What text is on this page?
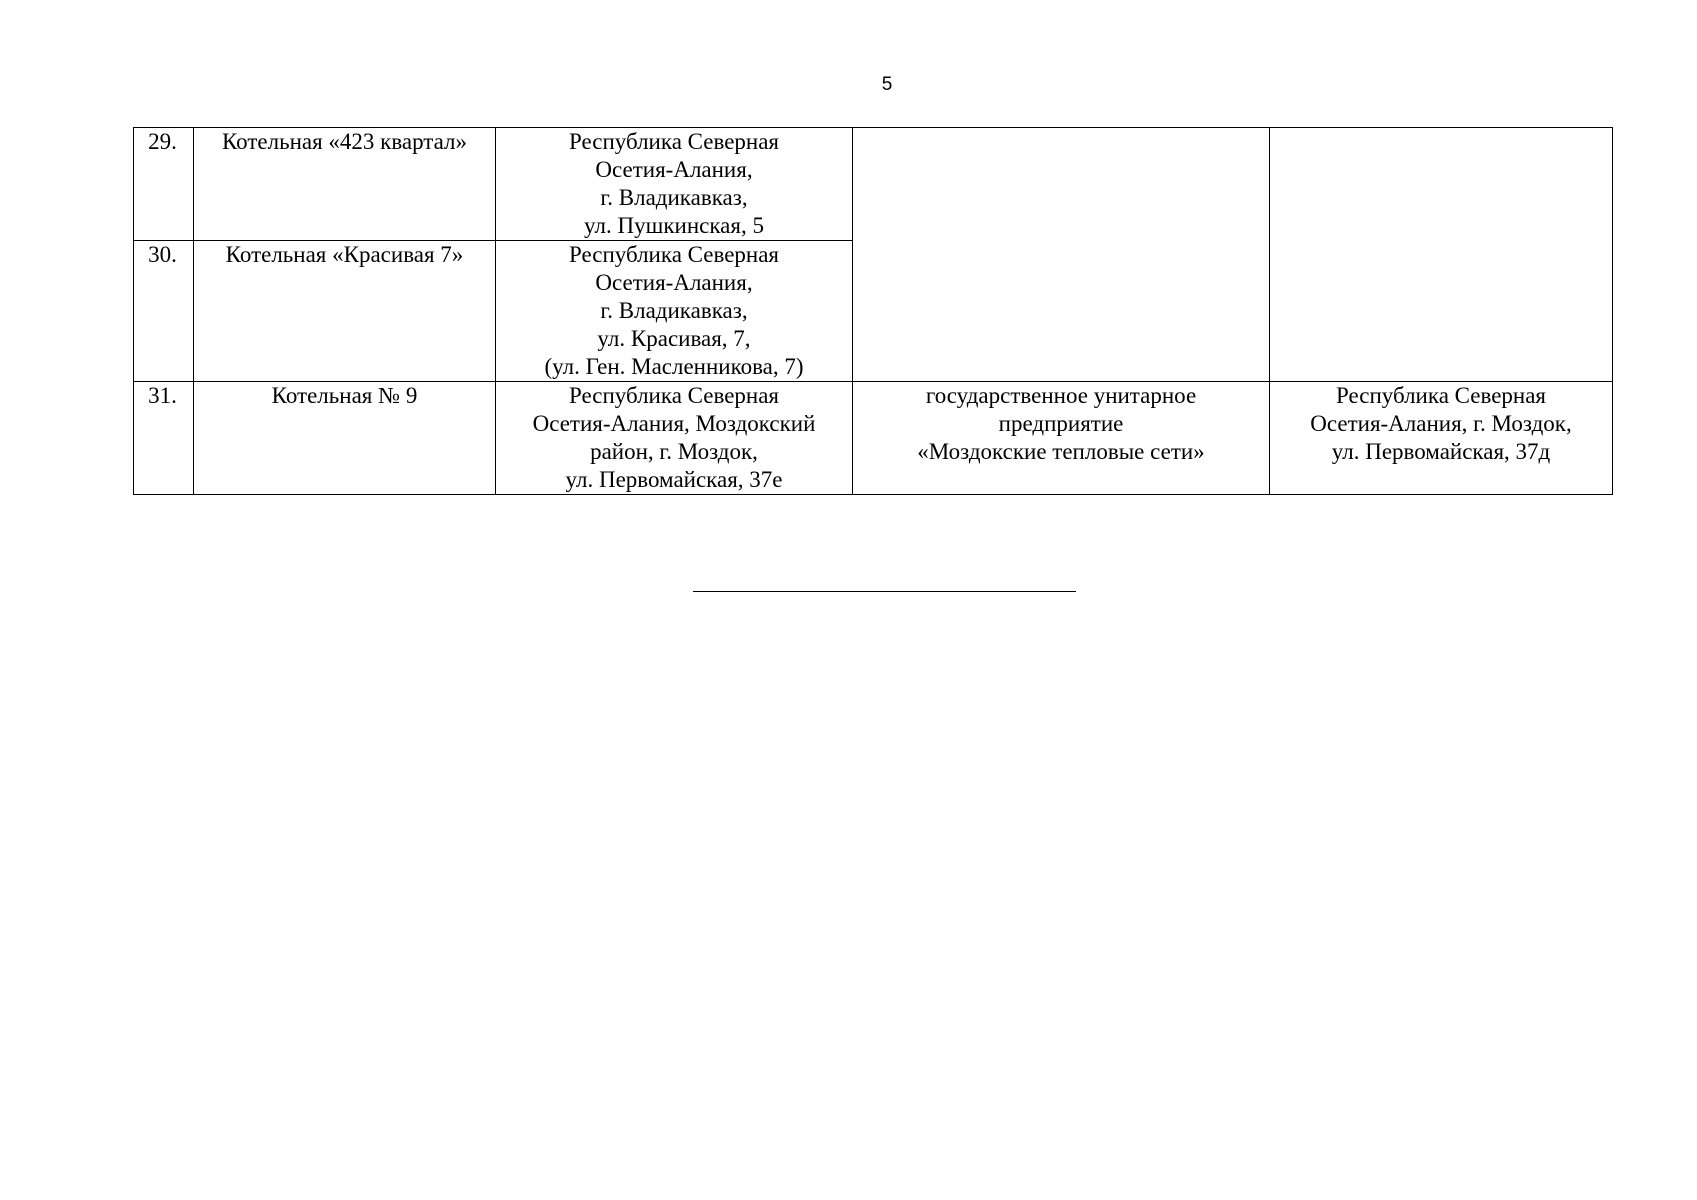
5
29.	Котельная «423 квартал»	Республика Северная
Осетия-Алания,
г. Владикавказ,
ул. Пушкинская, 5		

30.	Котельная «Красивая 7»	Республика Северная
Осетия-Алания,
г. Владикавказ,
ул. Красивая, 7,
(ул. Ген. Масленникова, 7)		

31.	Котельная № 9	Республика Северная
Осетия-Алания, Моздокский
район, г. Моздок,
ул. Первомайская, 37е	государственное унитарное
предприятие
«Моздокские тепловые сети»	Республика Северная
Осетия-Алания, г. Моздок,
ул. Первомайская, 37д
